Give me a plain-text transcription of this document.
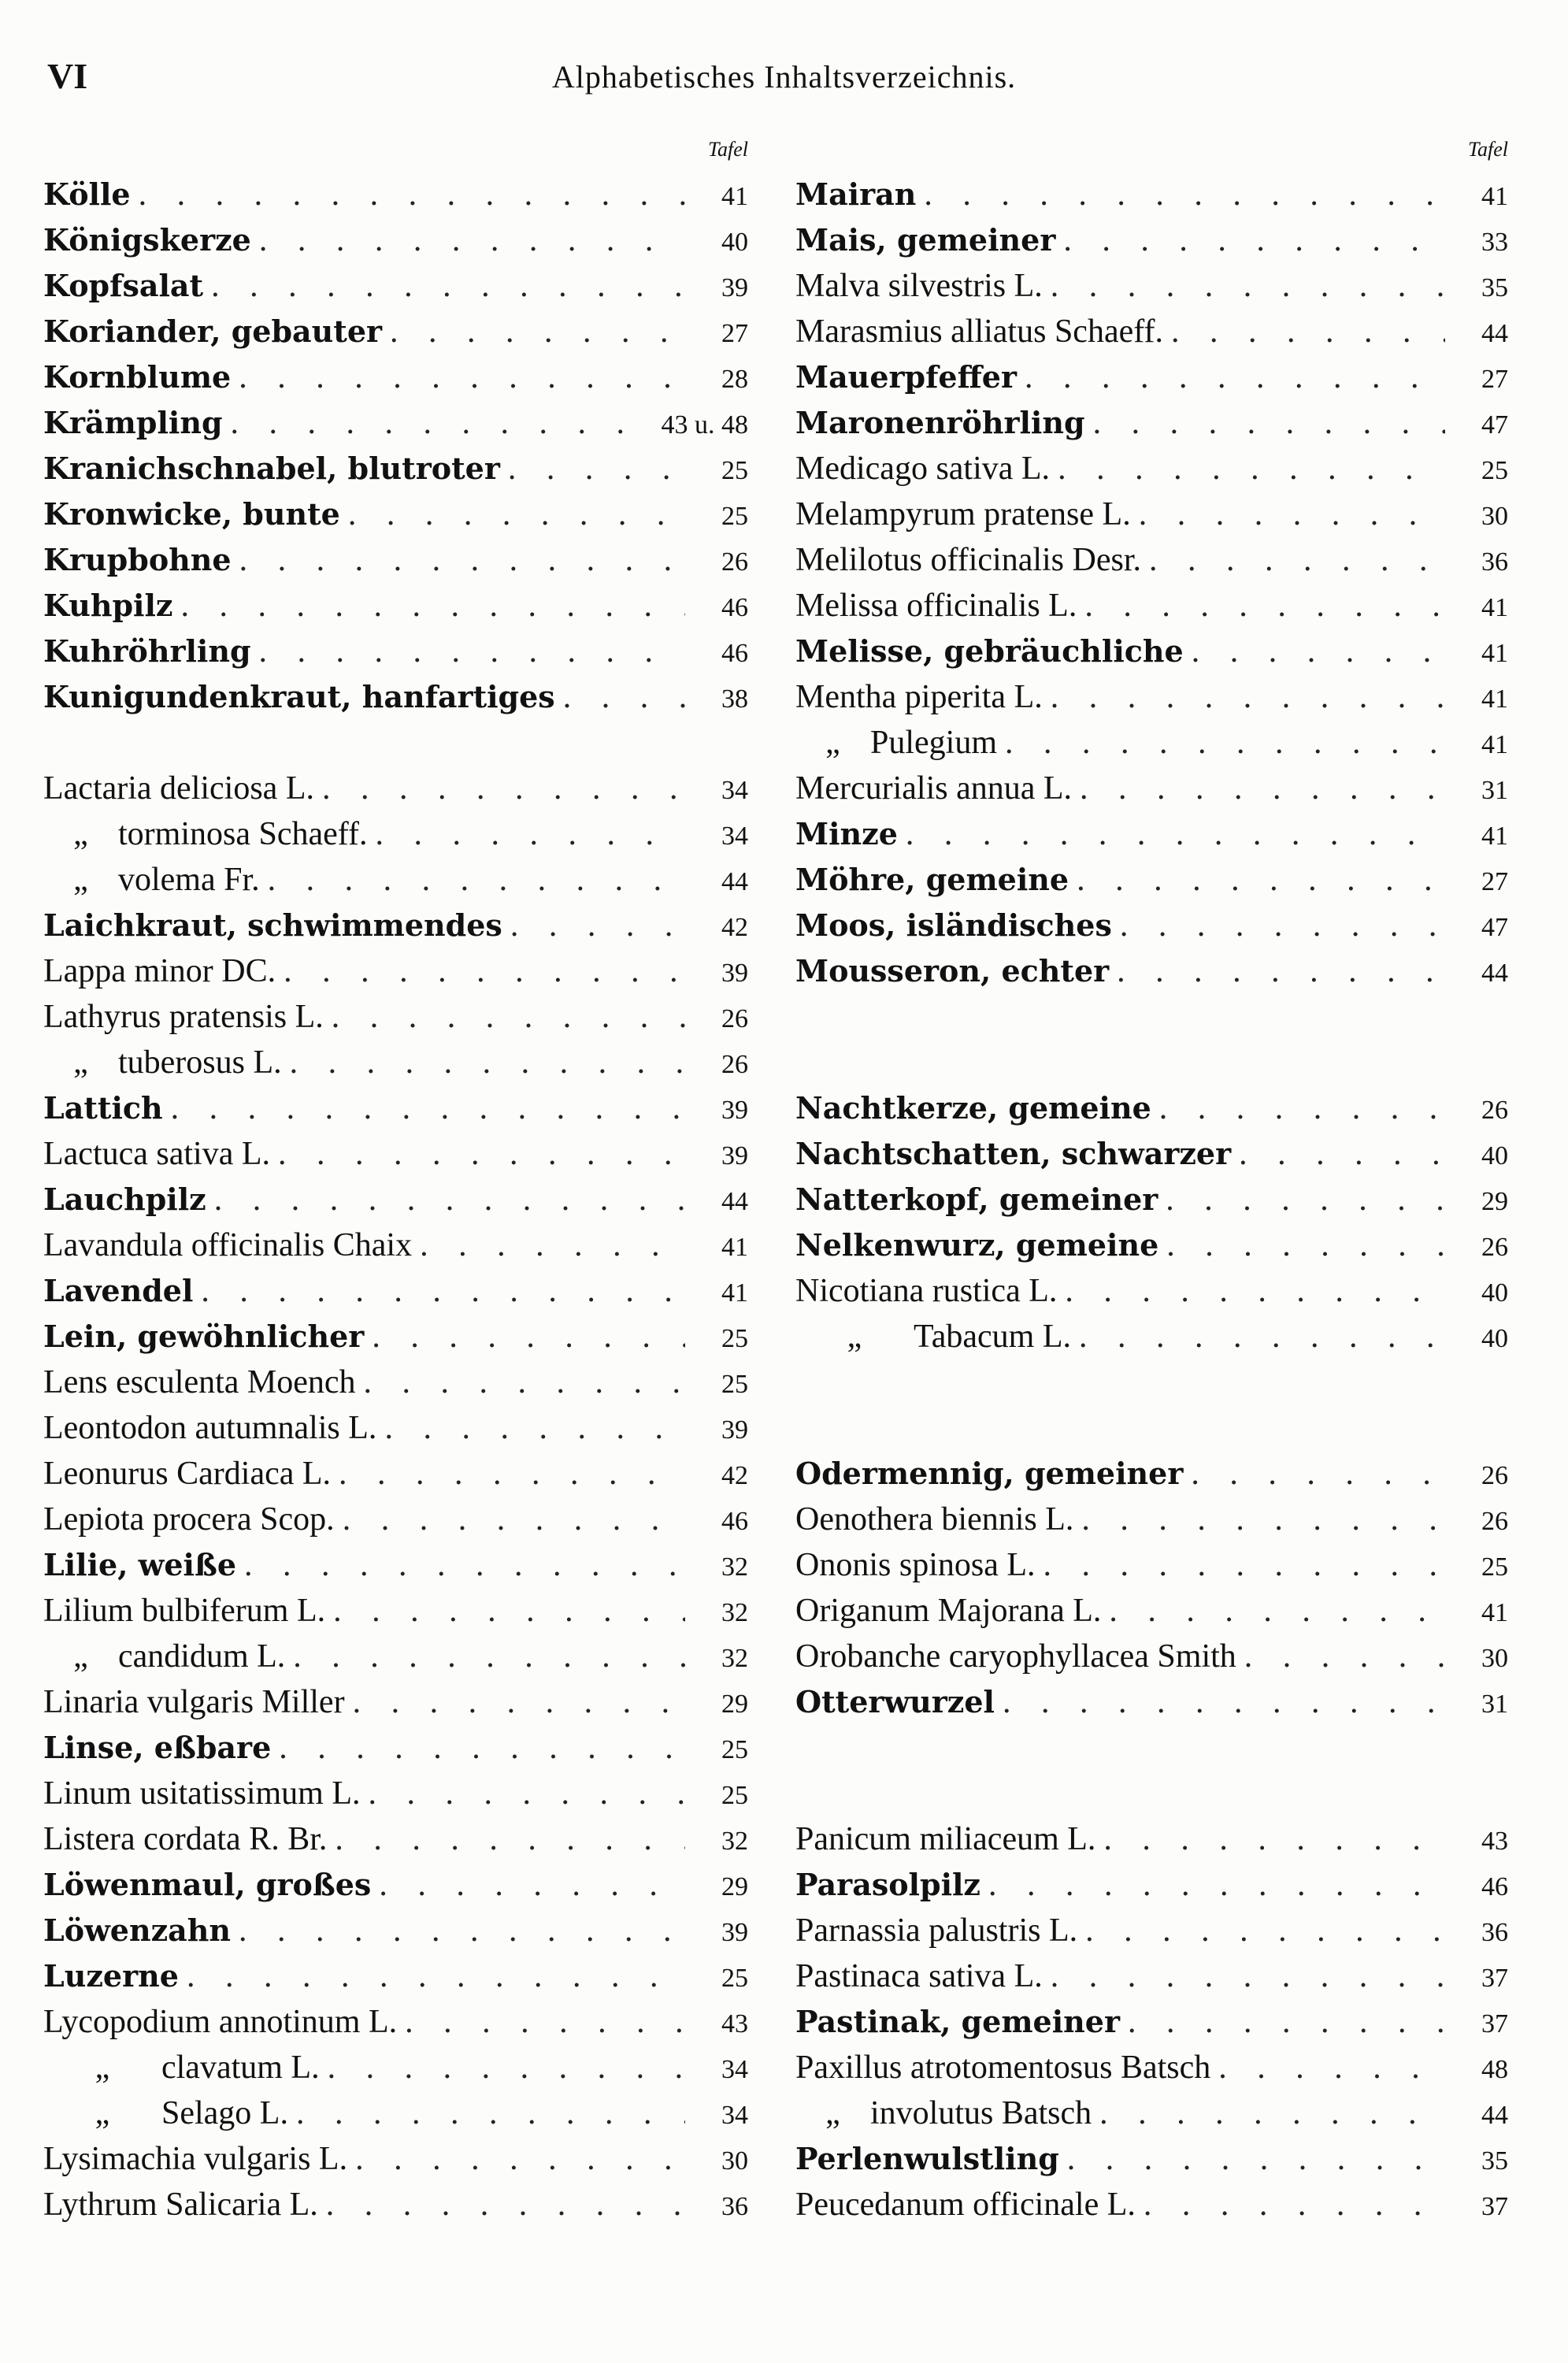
VI	Alphabetisches Inhaltsverzeichnis.
Tafel
Kölle . . .	41
Königskerze . . .	40
Kopfsalat . . .	39
Koriander, gebauter . . .	27
Kornblume . . .	28
Krämpling . . .	43 u. 48
Kranichschnabel, blutroter . . .	25
Kronwicke, bunte . . .	25
Krupbohne . . .	26
Kuhpilz . . .	46
Kuhröhrling . . .	46
Kunigundenkraut, hanfartiges . . .	38
Lactaria deliciosa L. . . .	34
„ torminosa Schaeff. . . .	34
„ volema Fr. . . .	44
Laichkraut, schwimmendes . . .	42
Lappa minor DC. . . .	39
Lathyrus pratensis L. . . .	26
„ tuberosus L. . . .	26
Lattich . . .	39
Lactuca sativa L. . . .	39
Lauchpilz . . .	44
Lavandula officinalis Chaix . . .	41
Lavendel . . .	41
Lein, gewöhnlicher . . .	25
Lens esculenta Moench . . .	25
Leontodon autumnalis L. . . .	39
Leonurus Cardiaca L. . . .	42
Lepiota procera Scop. . . .	46
Lilie, weiße . . .	32
Lilium bulbiferum L. . . .	32
„ candidum L. . . .	32
Linaria vulgaris Miller . . .	29
Linse, eßbare . . .	25
Linum usitatissimum L. . . .	25
Listera cordata R. Br. . . .	32
Löwenmaul, großes . . .	29
Löwenzahn . . .	39
Luzerne . . .	25
Lycopodium annotinum L. . . .	43
„ clavatum L. . . .	34
„ Selago L. . . .	34
Lysimachia vulgaris L. . . .	30
Lythrum Salicaria L. . . .	36
Tafel
Mairan . . .	41
Mais, gemeiner . . .	33
Malva silvestris L. . . .	35
Marasmius alliatus Schaeff. . . .	44
Mauerpfeffer . . .	27
Maronenröhrling . . .	47
Medicago sativa L. . . .	25
Melampyrum pratense L. . . .	30
Melilotus officinalis Desr. . . .	36
Melissa officinalis L. . . .	41
Melisse, gebräuchliche . . .	41
Mentha piperita L. . . .	41
„ Pulegium . . .	41
Mercurialis annua L. . . .	31
Minze . . .	41
Möhre, gemeine . . .	27
Moos, isländisches . . .	47
Mousseron, echter . . .	44
Nachtkerze, gemeine . . .	26
Nachtschatten, schwarzer . . .	40
Natterkopf, gemeiner . . .	29
Nelkenwurz, gemeine . . .	26
Nicotiana rustica L. . . .	40
„ Tabacum L. . . .	40
Odermennig, gemeiner . . .	26
Oenothera biennis L. . . .	26
Ononis spinosa L. . . .	25
Origanum Majorana L. . . .	41
Orobanche caryophyllacea Smith . . .	30
Otterwurzel . . .	31
Panicum miliaceum L. . . .	43
Parasolpilz . . .	46
Parnassia palustris L. . . .	36
Pastinaca sativa L. . . .	37
Pastinak, gemeiner . . .	37
Paxillus atrotomentosus Batsch . . .	48
„ involutus Batsch . . .	44
Perlenwulstling . . .	35
Peucedanum officinale L. . . .	37
